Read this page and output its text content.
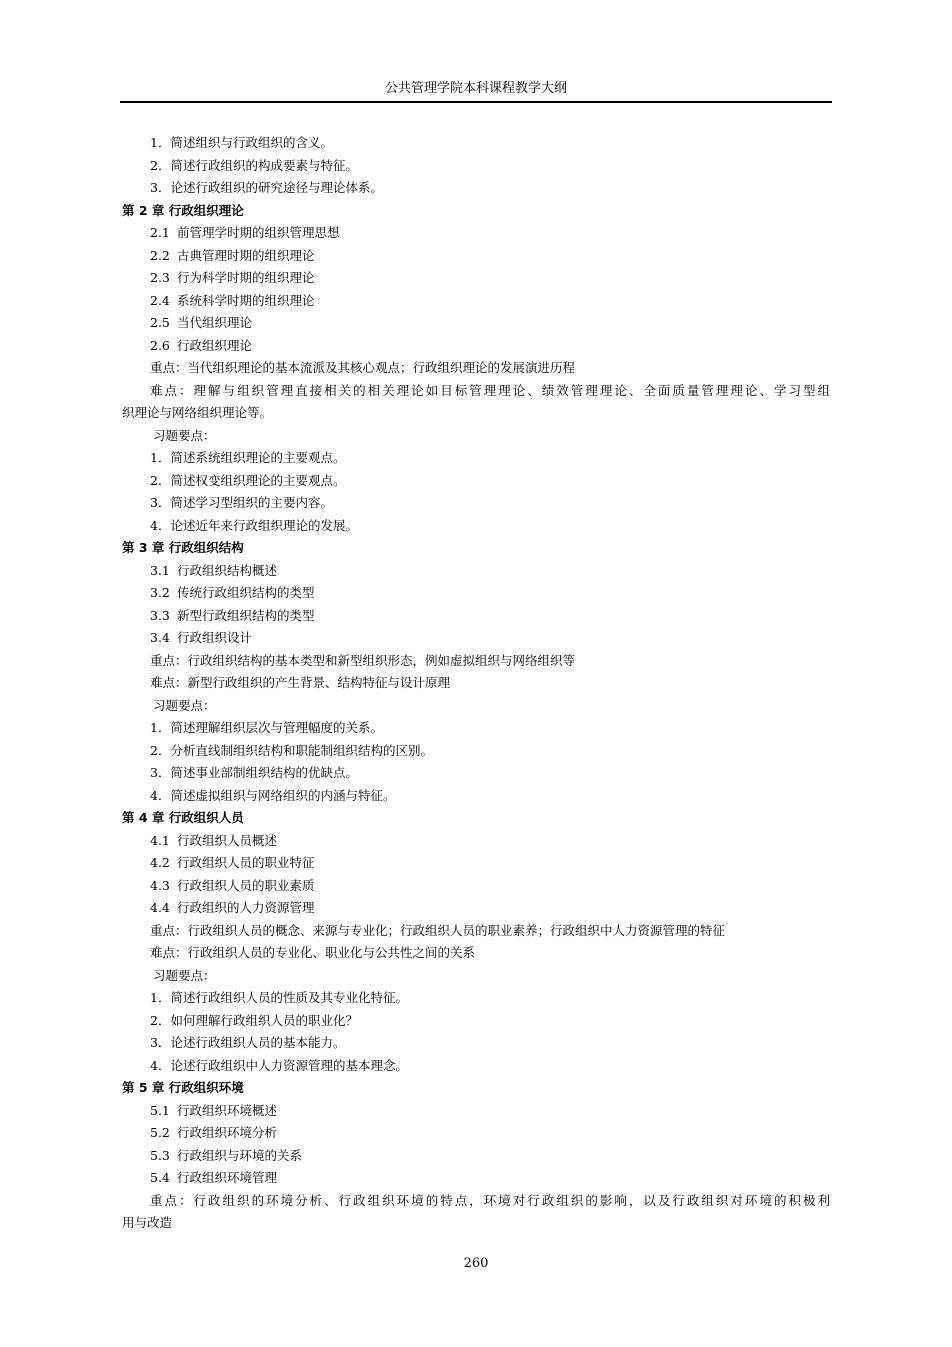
公共管理学院本科课程教学大纲
1．简述组织与行政组织的含义。
2．简述行政组织的构成要素与特征。
3．论述行政组织的研究途径与理论体系。
第 2 章 行政组织理论
2.1 前管理学时期的组织管理思想
2.2 古典管理时期的组织理论
2.3 行为科学时期的组织理论
2.4 系统科学时期的组织理论
2.5 当代组织理论
2.6 行政组织理论
重点：当代组织理论的基本流派及其核心观点；行政组织理论的发展演进历程
难点：理解与组织管理直接相关的相关理论如目标管理理论、绩效管理理论、全面质量管理理论、学习型组
织理论与网络组织理论等。
习题要点：
1．简述系统组织理论的主要观点。
2．简述权变组织理论的主要观点。
3．简述学习型组织的主要内容。
4．论述近年来行政组织理论的发展。
第 3 章 行政组织结构
3.1 行政组织结构概述
3.2 传统行政组织结构的类型
3.3 新型行政组织结构的类型
3.4 行政组织设计
重点：行政组织结构的基本类型和新型组织形态，例如虚拟组织与网络组织等
难点：新型行政组织的产生背景、结构特征与设计原理
习题要点：
1．简述理解组织层次与管理幅度的关系。
2．分析直线制组织结构和职能制组织结构的区别。
3．简述事业部制组织结构的优缺点。
4．简述虚拟组织与网络组织的内涵与特征。
第 4 章 行政组织人员
4.1 行政组织人员概述
4.2 行政组织人员的职业特征
4.3 行政组织人员的职业素质
4.4 行政组织的人力资源管理
重点：行政组织人员的概念、来源与专业化；行政组织人员的职业素养；行政组织中人力资源管理的特征
难点：行政组织人员的专业化、职业化与公共性之间的关系
习题要点：
1．简述行政组织人员的性质及其专业化特征。
2．如何理解行政组织人员的职业化？
3．论述行政组织人员的基本能力。
4．论述行政组织中人力资源管理的基本理念。
第 5 章 行政组织环境
5.1 行政组织环境概述
5.2 行政组织环境分析
5.3 行政组织与环境的关系
5.4 行政组织环境管理
重点：行政组织的环境分析、行政组织环境的特点，环境对行政组织的影响，以及行政组织对环境的积极利
用与改造
260
